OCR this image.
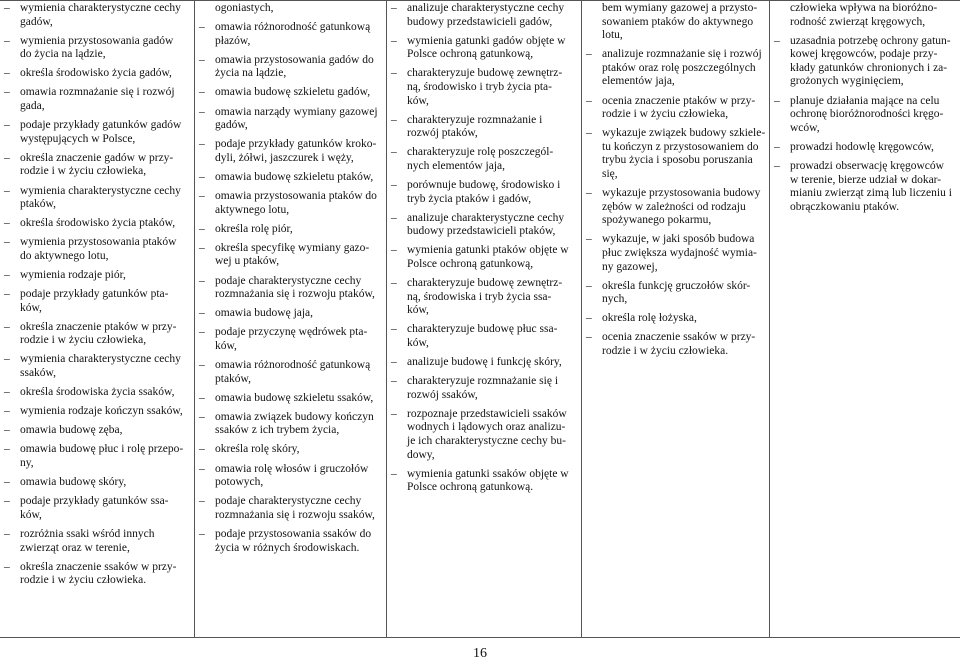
– wymienia charakterystyczne cechy
gadów,
– wymienia przystosowania gadów
do życia na lądzie,
– określa środowisko życia gadów,
– omawia rozmnażanie się i rozwój
gada,
– podaje przykłady gatunków gadów
występujących w Polsce,
– określa znaczenie gadów w przy-
rodzie i w życiu człowieka,
– wymienia charakterystyczne cechy
ptaków,
– określa środowisko życia ptaków,
– wymienia przystosowania ptaków
do aktywnego lotu,
– wymienia rodzaje piór,
– podaje przykłady gatunków pta-
ków,
– określa znaczenie ptaków w przy-
rodzie i w życiu człowieka,
– wymienia charakterystyczne cechy
ssaków,
– określa środowiska życia ssaków,
– wymienia rodzaje kończyn ssaków,
– omawia budowę zęba,
– omawia budowę płuc i rolę przepo-
ny,
– omawia budowę skóry,
– podaje przykłady gatunków ssa-
ków,
– rozróżnia ssaki wśród innych
zwierząt oraz w terenie,
– określa znaczenie ssaków w przy-
rodzie i w życiu człowieka.
ogoniastych,
– omawia różnorodność gatunkową
płazów,
– omawia przystosowania gadów do
życia na lądzie,
– omawia budowę szkieletu gadów,
– omawia narządy wymiany gazowej
gadów,
– podaje przykłady gatunków kroko-
dyli, żółwi, jaszczurek i węży,
– omawia budowę szkieletu ptaków,
– omawia przystosowania ptaków do
aktywnego lotu,
– określa rolę piór,
– określa specyfikę wymiany gazo-
wej u ptaków,
– podaje charakterystyczne cechy
rozmnażania się i rozwoju ptaków,
– omawia budowę jaja,
– podaje przyczynę wędrówek pta-
ków,
– omawia różnorodność gatunkową
ptaków,
– omawia budowę szkieletu ssaków,
– omawia związek budowy kończyn
ssaków z ich trybem życia,
– określa rolę skóry,
– omawia rolę włosów i gruczołów
potowych,
– podaje charakterystyczne cechy
rozmnażania się i rozwoju ssaków,
– podaje przystosowania ssaków do
życia w różnych środowiskach.
– analizuje charakterystyczne cechy
budowy przedstawicieli gadów,
– wymienia gatunki gadów objęte w
Polsce ochroną gatunkową,
– charakteryzuje budowę zewnętrz-
ną, środowisko i tryb życia pta-
ków,
– charakteryzuje rozmnażanie i
rozwój ptaków,
– charakteryzuje rolę poszczegól-
nych elementów jaja,
– porównuje budowę, środowisko i
tryb życia ptaków i gadów,
– analizuje charakterystyczne cechy
budowy przedstawicieli ptaków,
– wymienia gatunki ptaków objęte w
Polsce ochroną gatunkową,
– charakteryzuje budowę zewnętrz-
ną, środowiska i tryb życia ssa-
ków,
– charakteryzuje budowę płuc ssa-
ków,
– analizuje budowę i funkcję skóry,
– charakteryzuje rozmnażanie się i
rozwój ssaków,
– rozpoznaje przedstawicieli ssaków
wodnych i lądowych oraz analizu-
je ich charakterystyczne cechy bu-
dowy,
– wymienia gatunki ssaków objęte w
Polsce ochroną gatunkową.
bem wymiany gazowej a przysto-
sowaniem ptaków do aktywnego
lotu,
– analizuje rozmnażanie się i rozwój
ptaków oraz rolę poszczególnych
elementów jaja,
– ocenia znaczenie ptaków w przy-
rodzie i w życiu człowieka,
– wykazuje związek budowy szkiele-
tu kończyn z przystosowaniem do
trybu życia i sposobu poruszania
się,
– wykazuje przystosowania budowy
zębów w zależności od rodzaju
spożywanego pokarmu,
– wykazuje, w jaki sposób budowa
płuc zwiększa wydajność wymia-
ny gazowej,
– określa funkcję gruczołów skór-
nych,
– określa rolę łożyska,
– ocenia znaczenie ssaków w przy-
rodzie i w życiu człowieka.
człowieka wpływa na bioróżno-
rodność zwierząt kręgowych,
– uzasadnia potrzebę ochrony gatun-
kowej kręgowców, podaje przy-
kłady gatunków chronionych i za-
grożonych wyginięciem,
– planuje działania mające na celu
ochronę bioróżnorodności kręgo-
wców,
– prowadzi hodowlę kręgowców,
– prowadzi obserwację kręgowców
w terenie, bierze udział w dokar-
mianiu zwierząt zimą lub liczeniu i
obrączkowaniu ptaków.
16
